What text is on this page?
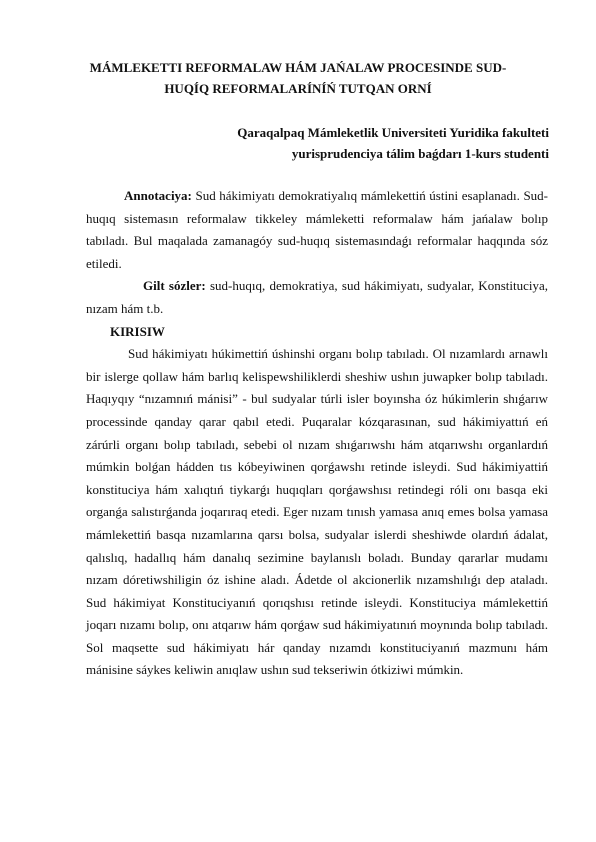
MÁMLEKETTI REFORMALAW HÁM JAŃALAW PROCESINDE SUD-
HUQÍQ REFORMALARÍNÍŃ TUTQAN ORNÍ
Qaraqalpaq Mámleketlik Universiteti Yuridika fakulteti
yurisprudenciya tálim baǵdarı 1-kurs studenti

Annotaciya: Sud hákimiyatı demokratiyalıq mámlekettiń ústini esaplanadı. Sud-huqıq sistemasın reformalaw tikkeley mámleketti reformalaw hám jańalaw bolıp tabıladı. Bul maqalada zamanagóy sud-huqıq sistemasındaǵı reformalar haqqında sóz etiledi.

Gilt sózler: sud-huqıq, demokratiya, sud hákimiyatı, sudyalar, Konstituciya, nızam hám t.b.

KIRISIW

Sud hákimiyatı húkimettiń úshinshi organı bolıp tabıladı. Ol nızamlardı arnawlı bir islerge qollaw hám barlıq kelispewshiliklerdi sheshiw ushın juwapker bolıp tabıladı. Haqıyqıy “nızamnıń mánisi” - bul sudyalar túrli isler boyınsha óz húkimlerin shıǵarıw processinde qanday qarar qabıl etedi. Puqaralar kózqarasınan, sud hákimiyattıń eń zárúrli organı bolıp tabıladı, sebebi ol nızam shıǵarıwshı hám atqarıwshı organlardıń múmkin bolǵan hádden tıs kóbeyiwinen qorǵawshı retinde isleydi. Sud hákimiyattiń konstituciya hám xalıqtıń tiykarǵı huqıqları qorǵawshısı retindegi róli onı basqa eki organǵa salıstırǵanda joqarıraq etedi. Eger nızam tınısh yamasa anıq emes bolsa yamasa mámlekettiń basqa nızamlarına qarsı bolsa, sudyalar islerdi sheshiwde olardıń ádalat, qalıslıq, hadallıq hám danalıq sezimine baylanıslı boladı. Bunday qararlar mudamı nızam dóretiwshiligin óz ishine aladı. Ádetde ol akcionerlik nızamshılıǵı dep ataladı. Sud hákimiyat Konstituciyanıń qorıqshısı retinde isleydi. Konstituciya mámlekettiń joqarı nızamı bolıp, onı atqarıw hám qorǵaw sud hákimiyatınıń moynında bolıp tabıladı. Sol maqsette sud hákimiyatı hár qanday nızamdı konstituciyanıń mazmunı hám mánisine sáykes keliwin anıqlaw ushın sud tekseriwin ótkiziwi múmkin.
